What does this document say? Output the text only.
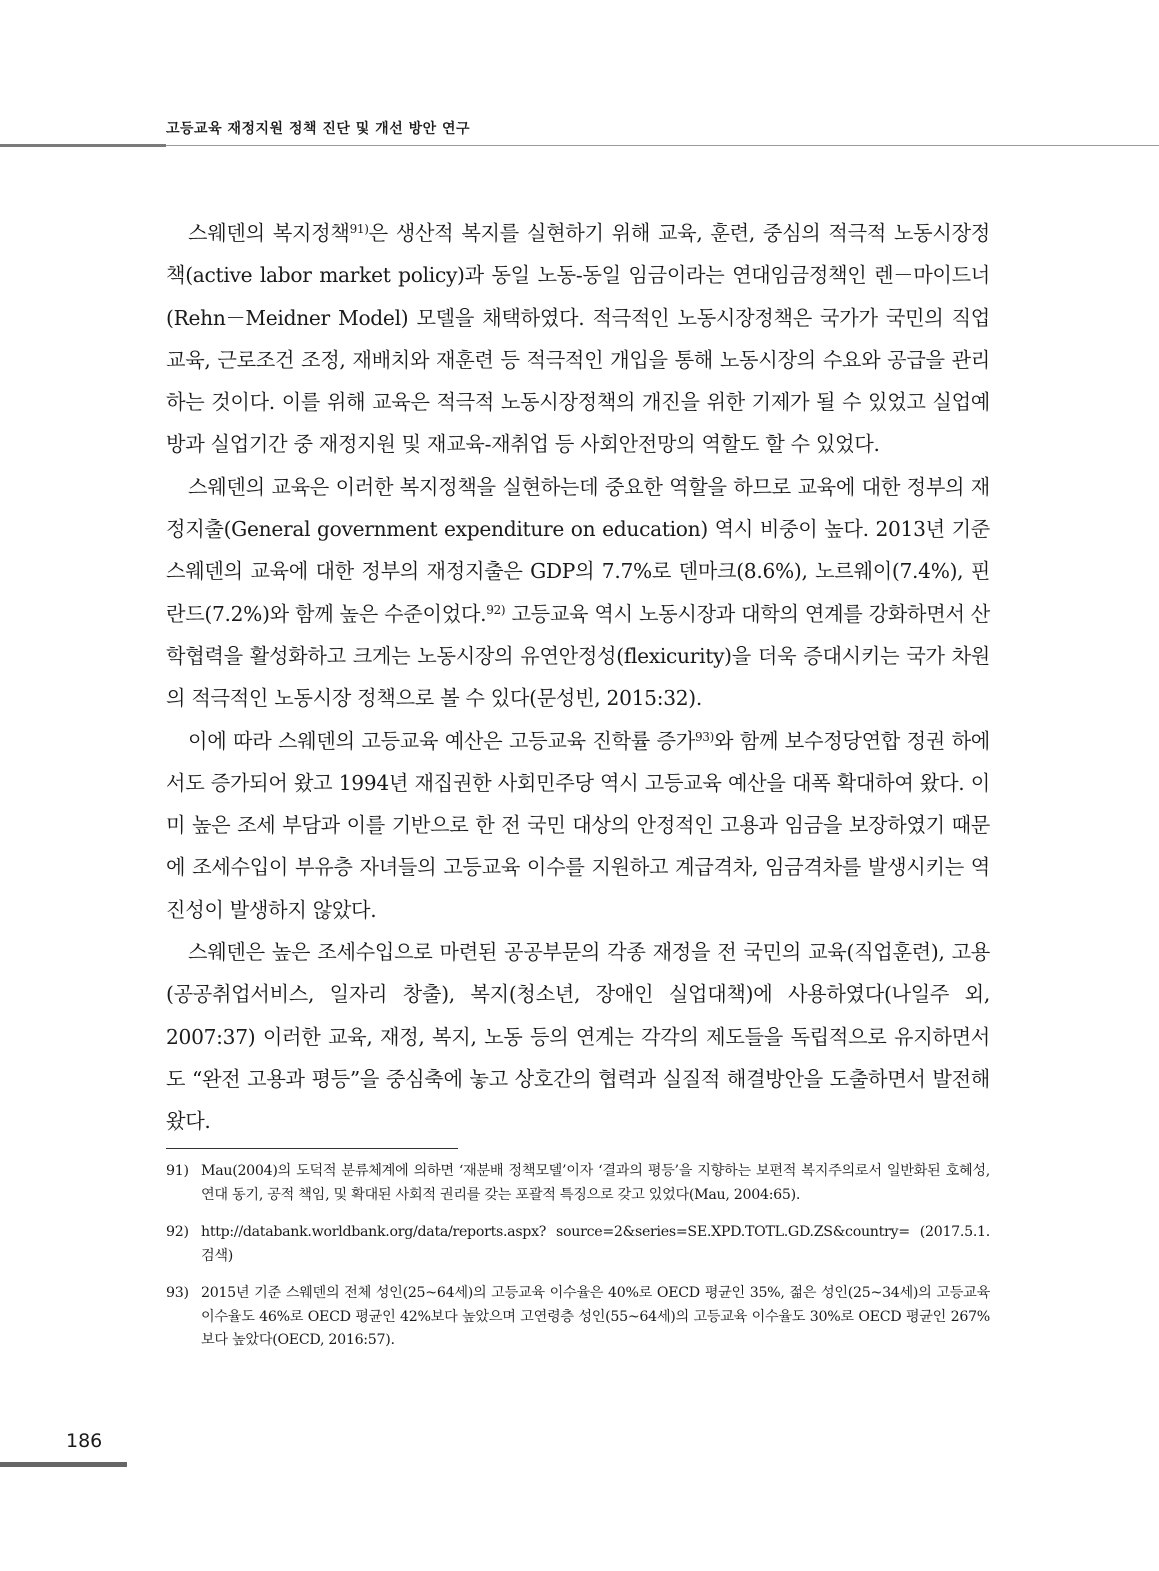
고등교육 재정지원 정책 진단 및 개선 방안 연구

스웨덴의 복지정책$^{91)}$은 생산적 복지를 실현하기 위해 교육, 훈련, 중심의 적극적 노동시장정책(active labor market policy)과 동일 노동-동일 임금이라는 연대임금정책인 렌－마이드너(Rehn－Meidner Model) 모델을 채택하였다. 적극적인 노동시장정책은 국가가 국민의 직업교육, 근로조건 조정, 재배치와 재훈련 등 적극적인 개입을 통해 노동시장의 수요와 공급을 관리하는 것이다. 이를 위해 교육은 적극적 노동시장정책의 개진을 위한 기제가 될 수 있었고 실업예방과 실업기간 중 재정지원 및 재교육-재취업 등 사회안전망의 역할도 할 수 있었다.

스웨덴의 교육은 이러한 복지정책을 실현하는데 중요한 역할을 하므로 교육에 대한 정부의 재정지출(General government expenditure on education) 역시 비중이 높다. 2013년 기준 스웨덴의 교육에 대한 정부의 재정지출은 GDP의 7.7%로 덴마크(8.6%), 노르웨이(7.4%), 핀란드(7.2%)와 함께 높은 수준이었다.$^{92)}$ 고등교육 역시 노동시장과 대학의 연계를 강화하면서 산학협력을 활성화하고 크게는 노동시장의 유연안정성(flexicurity)을 더욱 증대시키는 국가 차원의 적극적인 노동시장 정책으로 볼 수 있다(문성빈, 2015:32).

이에 따라 스웨덴의 고등교육 예산은 고등교육 진학률 증가$^{93)}$와 함께 보수정당연합 정권 하에서도 증가되어 왔고 1994년 재집권한 사회민주당 역시 고등교육 예산을 대폭 확대하여 왔다. 이미 높은 조세 부담과 이를 기반으로 한 전 국민 대상의 안정적인 고용과 임금을 보장하였기 때문에 조세수입이 부유층 자녀들의 고등교육 이수를 지원하고 계급격차, 임금격차를 발생시키는 역진성이 발생하지 않았다.

스웨덴은 높은 조세수입으로 마련된 공공부문의 각종 재정을 전 국민의 교육(직업훈련), 고용(공공취업서비스, 일자리 창출), 복지(청소년, 장애인 실업대책)에 사용하였다(나일주 외, 2007:37) 이러한 교육, 재정, 복지, 노동 등의 연계는 각각의 제도들을 독립적으로 유지하면서도 “완전 고용과 평등”을 중심축에 놓고 상호간의 협력과 실질적 해결방안을 도출하면서 발전해 왔다.

91) Mau(2004)의 도덕적 분류체계에 의하면 ‘재분배 정책모델’이자 ‘결과의 평등’을 지향하는 보편적 복지주의로서 일반화된 호혜성, 연대 동기, 공적 책임, 및 확대된 사회적 권리를 갖는 포괄적 특징으로 갖고 있었다(Mau, 2004:65).
92) http://databank.worldbank.org/data/reports.aspx? source=2&series=SE.XPD.TOTL.GD.ZS&country= (2017.5.1. 검색)
93) 2015년 기준 스웨덴의 전체 성인(25~64세)의 고등교육 이수율은 40%로 OECD 평균인 35%, 젊은 성인(25~34세)의 고등교육 이수율도 46%로 OECD 평균인 42%보다 높았으며 고연령층 성인(55~64세)의 고등교육 이수율도 30%로 OECD 평균인 267%보다 높았다(OECD, 2016:57).
186
